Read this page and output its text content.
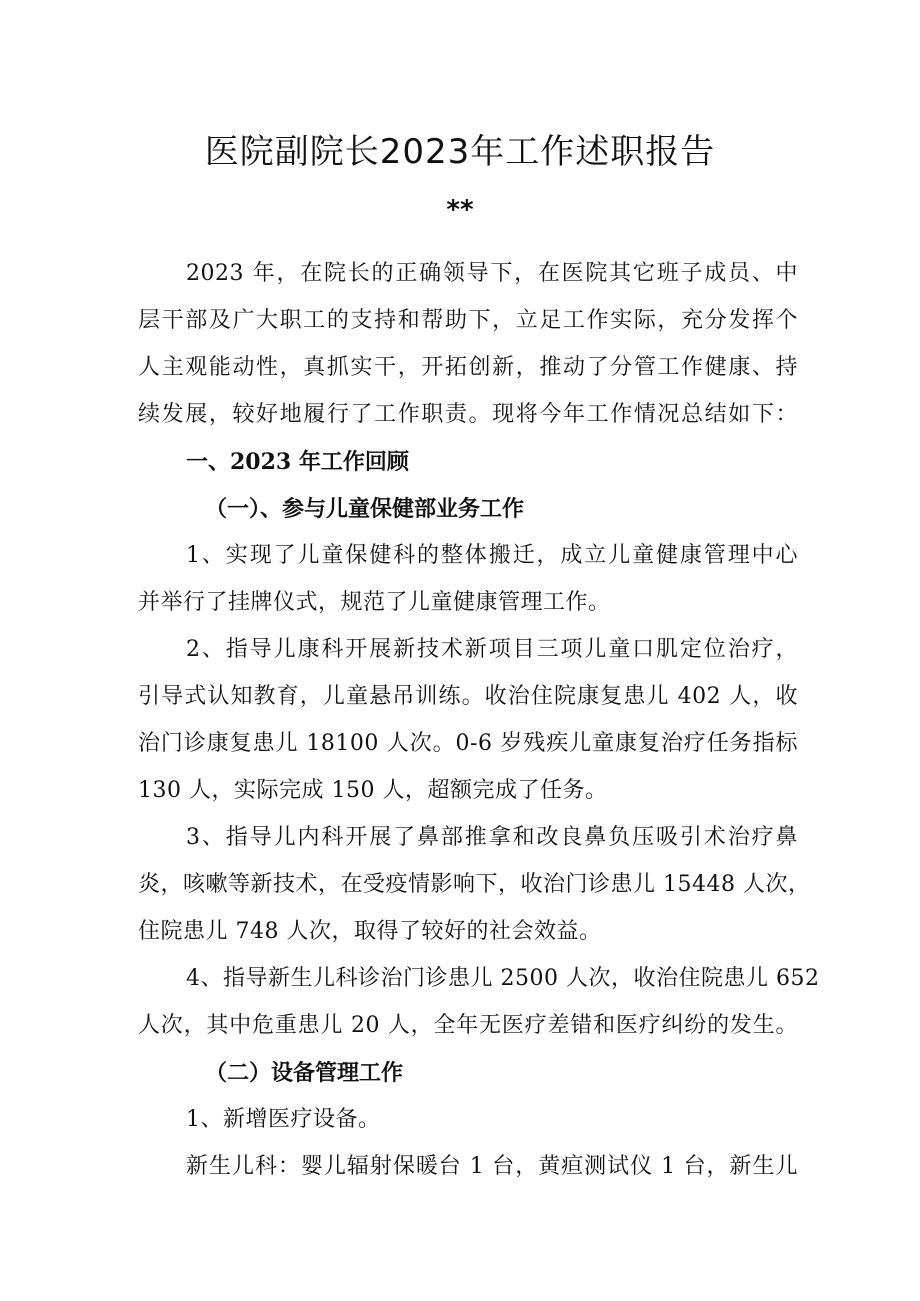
医院副院长2023年工作述职报告
**
2023 年，在院长的正确领导下，在医院其它班子成员、中
层干部及广大职工的支持和帮助下，立足工作实际，充分发挥个
人主观能动性，真抓实干，开拓创新，推动了分管工作健康、持
续发展，较好地履行了工作职责。现将今年工作情况总结如下：
一、2023 年工作回顾
（一）、参与儿童保健部业务工作
1、实现了儿童保健科的整体搬迁，成立儿童健康管理中心
并举行了挂牌仪式，规范了儿童健康管理工作。
2、指导儿康科开展新技术新项目三项儿童口肌定位治疗，
引导式认知教育，儿童悬吊训练。收治住院康复患儿 402 人，收
治门诊康复患儿 18100 人次。0-6 岁残疾儿童康复治疗任务指标
130 人，实际完成 150 人，超额完成了任务。
3、指导儿内科开展了鼻部推拿和改良鼻负压吸引术治疗鼻
炎，咳嗽等新技术，在受疫情影响下，收治门诊患儿 15448 人次，
住院患儿 748 人次，取得了较好的社会效益。
4、指导新生儿科诊治门诊患儿 2500 人次，收治住院患儿 652
人次，其中危重患儿 20 人，全年无医疗差错和医疗纠纷的发生。
（二）设备管理工作
1、新增医疗设备。
新生儿科：婴儿辐射保暖台 1 台，黄疸测试仪 1 台，新生儿
